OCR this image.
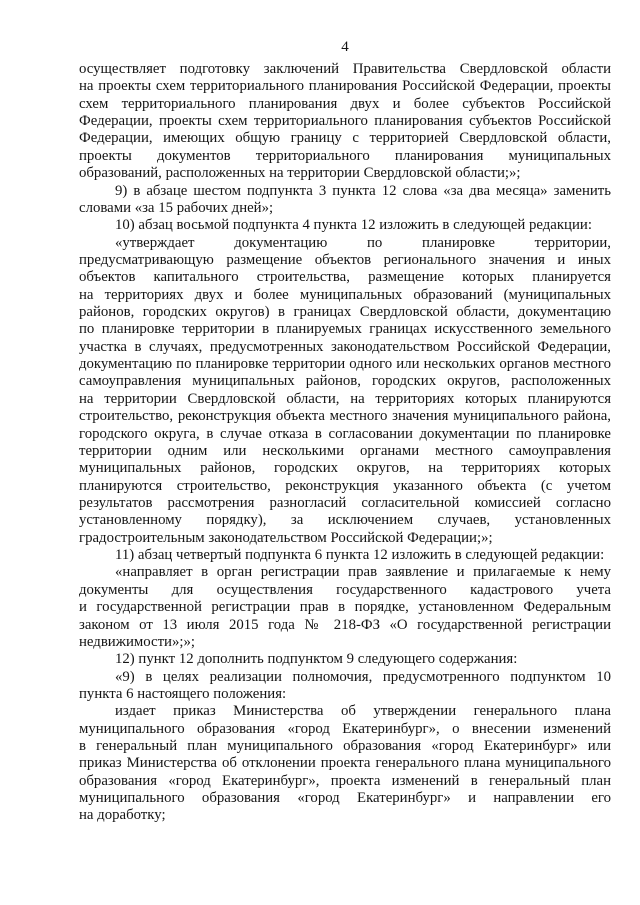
4
осуществляет подготовку заключений Правительства Свердловской области
на проекты схем территориального планирования Российской Федерации, проекты
схем территориального планирования двух и более субъектов Российской
Федерации, проекты схем территориального планирования субъектов Российской
Федерации, имеющих общую границу с территорией Свердловской области,
проекты документов территориального планирования муниципальных
образований, расположенных на территории Свердловской области;»;
9) в абзаце шестом подпункта 3 пункта 12 слова «за два месяца» заменить
словами «за 15 рабочих дней»;
10) абзац восьмой подпункта 4 пункта 12 изложить в следующей редакции:
«утверждает документацию по планировке территории,
предусматривающую размещение объектов регионального значения и иных
объектов капитального строительства, размещение которых планируется
на территориях двух и более муниципальных образований (муниципальных
районов, городских округов) в границах Свердловской области, документацию
по планировке территории в планируемых границах искусственного земельного
участка в случаях, предусмотренных законодательством Российской Федерации,
документацию по планировке территории одного или нескольких органов местного
самоуправления муниципальных районов, городских округов, расположенных
на территории Свердловской области, на территориях которых планируются
строительство, реконструкция объекта местного значения муниципального района,
городского округа, в случае отказа в согласовании документации по планировке
территории одним или несколькими органами местного самоуправления
муниципальных районов, городских округов, на территориях которых
планируются строительство, реконструкция указанного объекта (с учетом
результатов рассмотрения разногласий согласительной комиссией согласно
установленному порядку), за исключением случаев, установленных
градостроительным законодательством Российской Федерации;»;
11) абзац четвертый подпункта 6 пункта 12 изложить в следующей редакции:
«направляет в орган регистрации прав заявление и прилагаемые к нему
документы для осуществления государственного кадастрового учета
и государственной регистрации прав в порядке, установленном Федеральным
законом от 13 июля 2015 года № 218-ФЗ «О государственной регистрации
недвижимости»;»;
12) пункт 12 дополнить подпунктом 9 следующего содержания:
«9) в целях реализации полномочия, предусмотренного подпунктом 10
пункта 6 настоящего положения:
издает приказ Министерства об утверждении генерального плана
муниципального образования «город Екатеринбург», о внесении изменений
в генеральный план муниципального образования «город Екатеринбург» или
приказ Министерства об отклонении проекта генерального плана муниципального
образования «город Екатеринбург», проекта изменений в генеральный план
муниципального образования «город Екатеринбург» и направлении его
на доработку;
